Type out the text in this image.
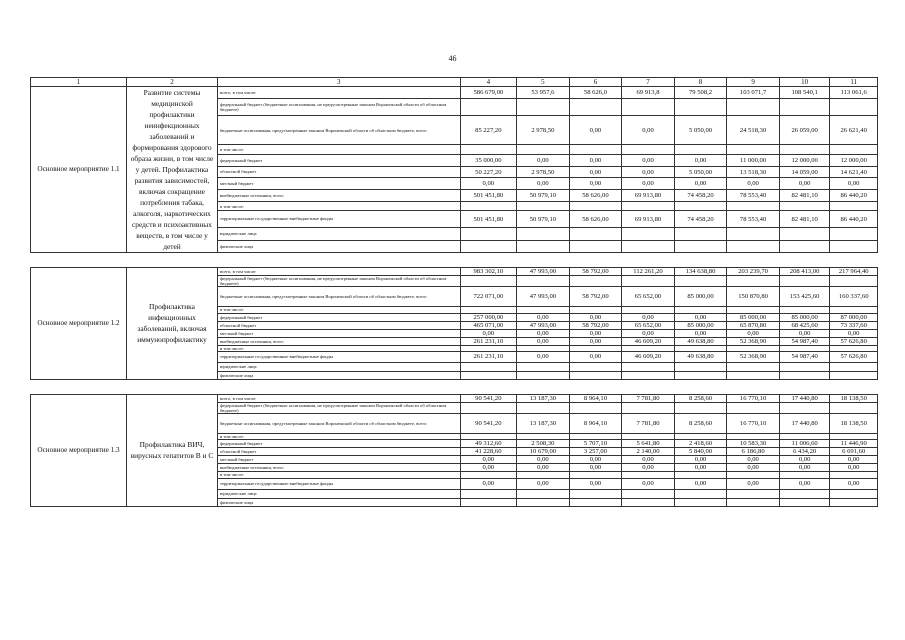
46
1	2	3	4	5	6	7	8	9	10	11
Основное мероприятие 1.1	Развитие системы медицинской профилактики неинфекционных заболеваний и формирования здорового образа жизни, в том числе у детей. Профилактика развития зависимостей, включая сокращение потребления табака, алкоголя, наркотических средств и психоактивных веществ, в том числе у детей	всего, в том числе:	586 679,00	53 957,6	58 626,0	69 913,8	79 508,2	103 071,7	108 540,1	113 061,6
		федеральный бюджет (бюджетные ассигнования, не предусмотренные законом Воронежской области об областном бюджете)								
		бюджетные ассигнования, предусмотренные законом Воронежской области об областном бюджете, всего	85 227,20	2 978,50	0,00	0,00	5 050,00	24 518,30	26 059,00	26 621,40
		в том числе:								
		федеральный бюджет	35 000,00	0,00	0,00	0,00	0,00	11 000,00	12 000,00	12 000,00
		областной бюджет	50 227,20	2 978,50	0,00	0,00	5 050,00	13 518,30	14 059,00	14 621,40
		местный бюджет	0,00	0,00	0,00	0,00	0,00	0,00	0,00	0,00
		внебюджетные источники, всего	501 451,80	50 979,10	58 626,00	69 913,80	74 458,20	78 553,40	82 481,10	86 440,20
		в том числе:								
		территориальные государственные внебюджетные фонды	501 451,80	50 979,10	58 626,00	69 913,80	74 458,20	78 553,40	82 481,10	86 440,20
		юридические лица								
		физические лица								

Основное мероприятие 1.2	Профилактика инфекционных заболеваний, включая иммунопрофилактику	всего, в том числе:	983 302,10	47 993,00	58 792,00	112 261,20	134 638,80	203 239,70	208 413,00	217 964,40
		федеральный бюджет (бюджетные ассигнования, не предусмотренные законом Воронежской области об областном бюджете)								
		бюджетные ассигнования, предусмотренные законом Воронежской области об областном бюджете, всего	722 071,00	47 993,00	58 792,00	65 652,00	85 000,00	150 870,80	153 425,60	160 337,60
		в том числе:								
		федеральный бюджет	257 000,00	0,00	0,00	0,00	0,00	85 000,00	85 000,00	87 000,00
		областной бюджет	465 071,00	47 993,00	58 792,00	65 652,00	85 000,00	65 870,80	68 425,60	73 337,60
		местный бюджет	0,00	0,00	0,00	0,00	0,00	0,00	0,00	0,00
		внебюджетные источники, всего	261 231,10	0,00	0,00	46 609,20	49 638,80	52 368,90	54 987,40	57 626,80
		в том числе:								
		территориальные государственные внебюджетные фонды	261 231,10	0,00	0,00	46 609,20	49 638,80	52 368,90	54 987,40	57 626,80
		юридические лица								
		физические лица								

Основное мероприятие 1.3	Профилактика ВИЧ, вирусных гепатитов В и С	всего, в том числе:	90 541,20	13 187,30	8 964,10	7 781,80	8 258,60	16 770,10	17 440,80	18 138,50
		федеральный бюджет (бюджетные ассигнования, не предусмотренные законом Воронежской области об областном бюджете)								
		бюджетные ассигнования, предусмотренные законом Воронежской области об областном бюджете, всего	90 541,20	13 187,30	8 964,10	7 781,80	8 258,60	16 770,10	17 440,80	18 138,50
		в том числе:								
		федеральный бюджет	49 312,60	2 508,30	5 707,10	5 641,80	2 418,60	10 583,30	11 006,60	11 446,90
		областной бюджет	41 228,60	10 679,00	3 257,00	2 140,00	5 840,00	6 186,80	6 434,20	6 691,60
		местный бюджет	0,00	0,00	0,00	0,00	0,00	0,00	0,00	0,00
		внебюджетные источники, всего	0,00	0,00	0,00	0,00	0,00	0,00	0,00	0,00
		в том числе:								
		территориальные государственные внебюджетные фонды	0,00	0,00	0,00	0,00	0,00	0,00	0,00	0,00
		юридические лица								
		физические лица								
